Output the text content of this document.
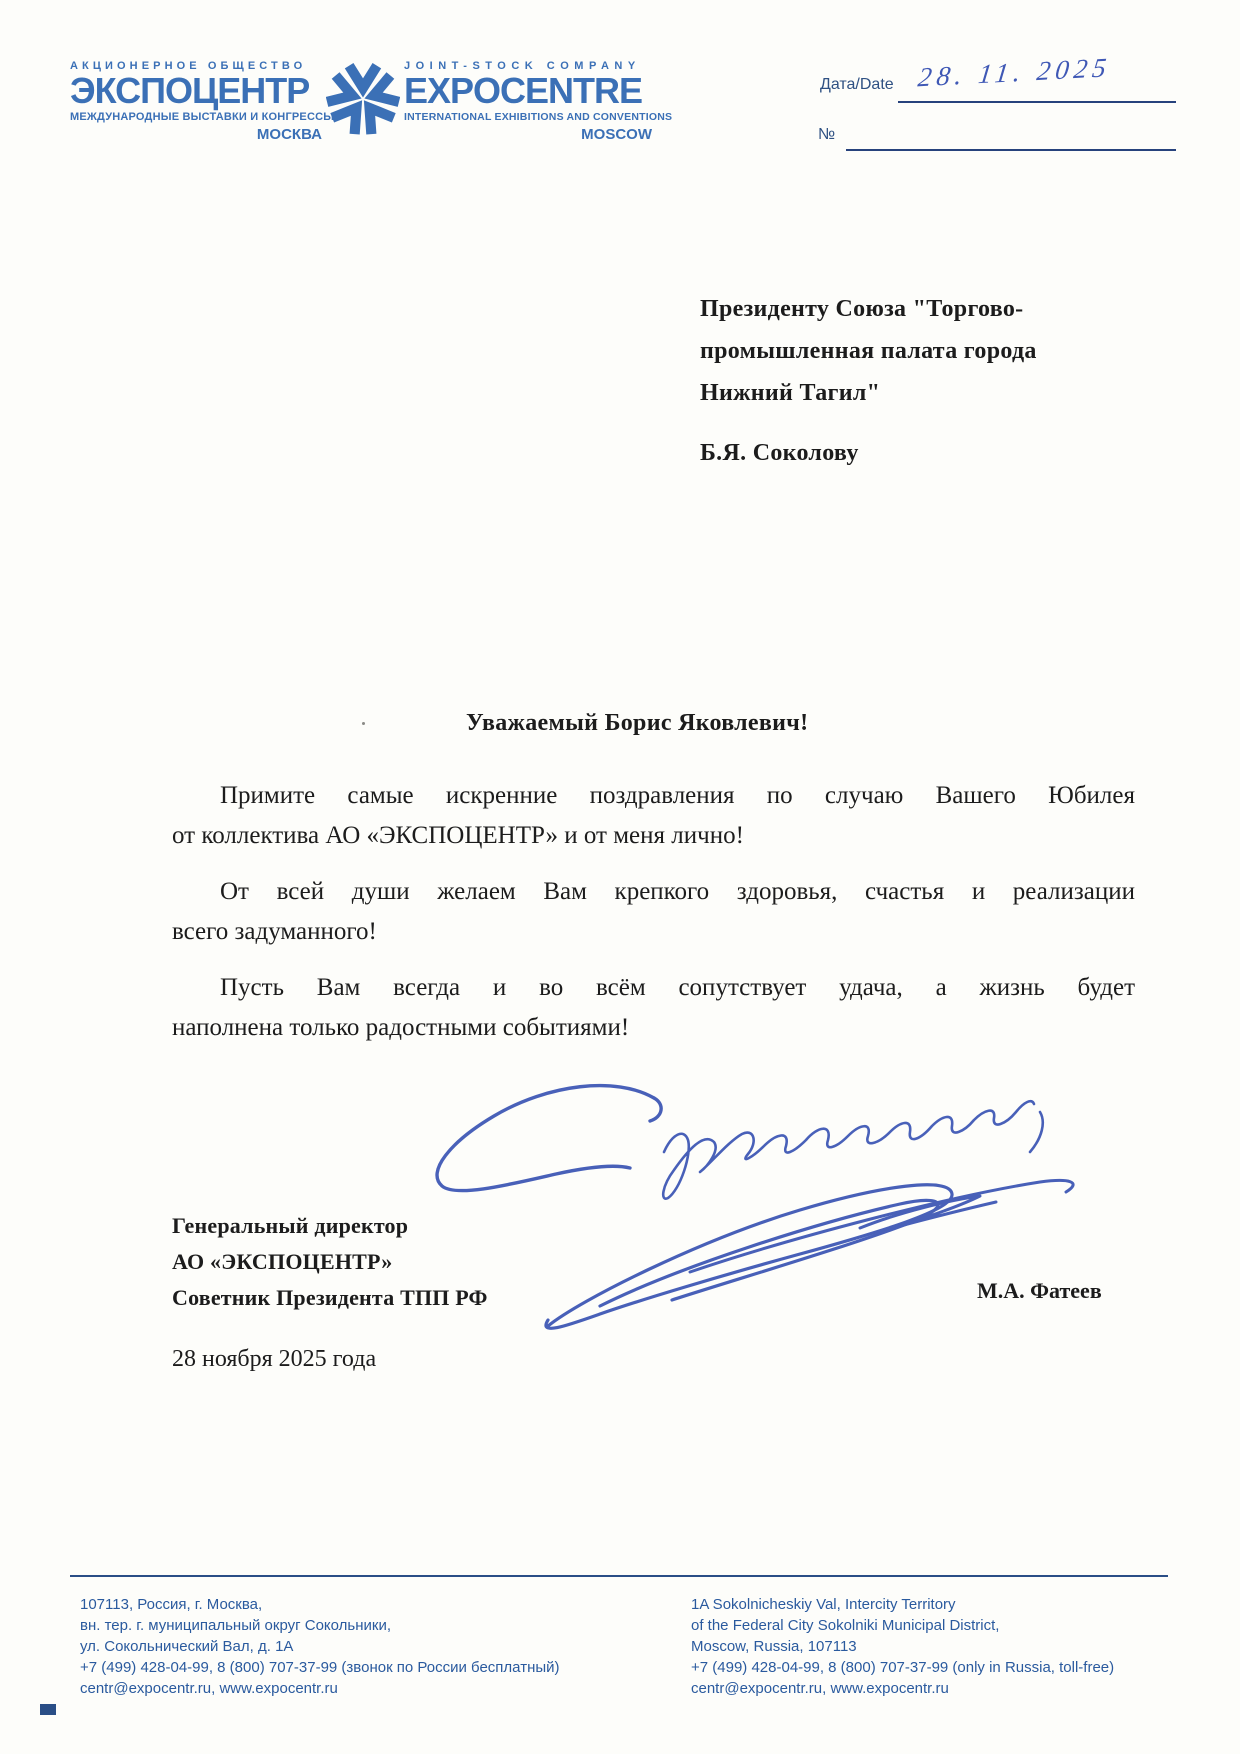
АКЦИОНЕРНОЕ ОБЩЕСТВО
ЭКСПОЦЕНТР
МЕЖДУНАРОДНЫЕ ВЫСТАВКИ И КОНГРЕССЫ
МОСКВА
JOINT-STOCK COMPANY
EXPOCENTRE
INTERNATIONAL EXHIBITIONS AND CONVENTIONS
MOSCOW
Дата/Date 28. 11. 2025
№
Президенту Союза "Торгово-
промышленная палата города
Нижний Тагил"
Б.Я. Соколову
Уважаемый Борис Яковлевич!
Примите самые искренние поздравления по случаю Вашего Юбилея
от коллектива АО «ЭКСПОЦЕНТР» и от меня лично!
От всей души желаем Вам крепкого здоровья, счастья и реализации
всего задуманного!
Пусть Вам всегда и во всём сопутствует удача, а жизнь будет
наполнена только радостными событиями!
Генеральный директор
АО «ЭКСПОЦЕНТР»
Советник Президента ТПП РФ	М.А. Фатеев
28 ноября 2025 года
107113, Россия, г. Москва,
вн. тер. г. муниципальный округ Сокольники,
ул. Сокольнический Вал, д. 1А
+7 (499) 428-04-99, 8 (800) 707-37-99 (звонок по России бесплатный)
centr@expocentr.ru, www.expocentr.ru
1A Sokolnicheskiy Val, Intercity Territory
of the Federal City Sokolniki Municipal District,
Moscow, Russia, 107113
+7 (499) 428-04-99, 8 (800) 707-37-99 (only in Russia, toll-free)
centr@expocentr.ru, www.expocentr.ru
